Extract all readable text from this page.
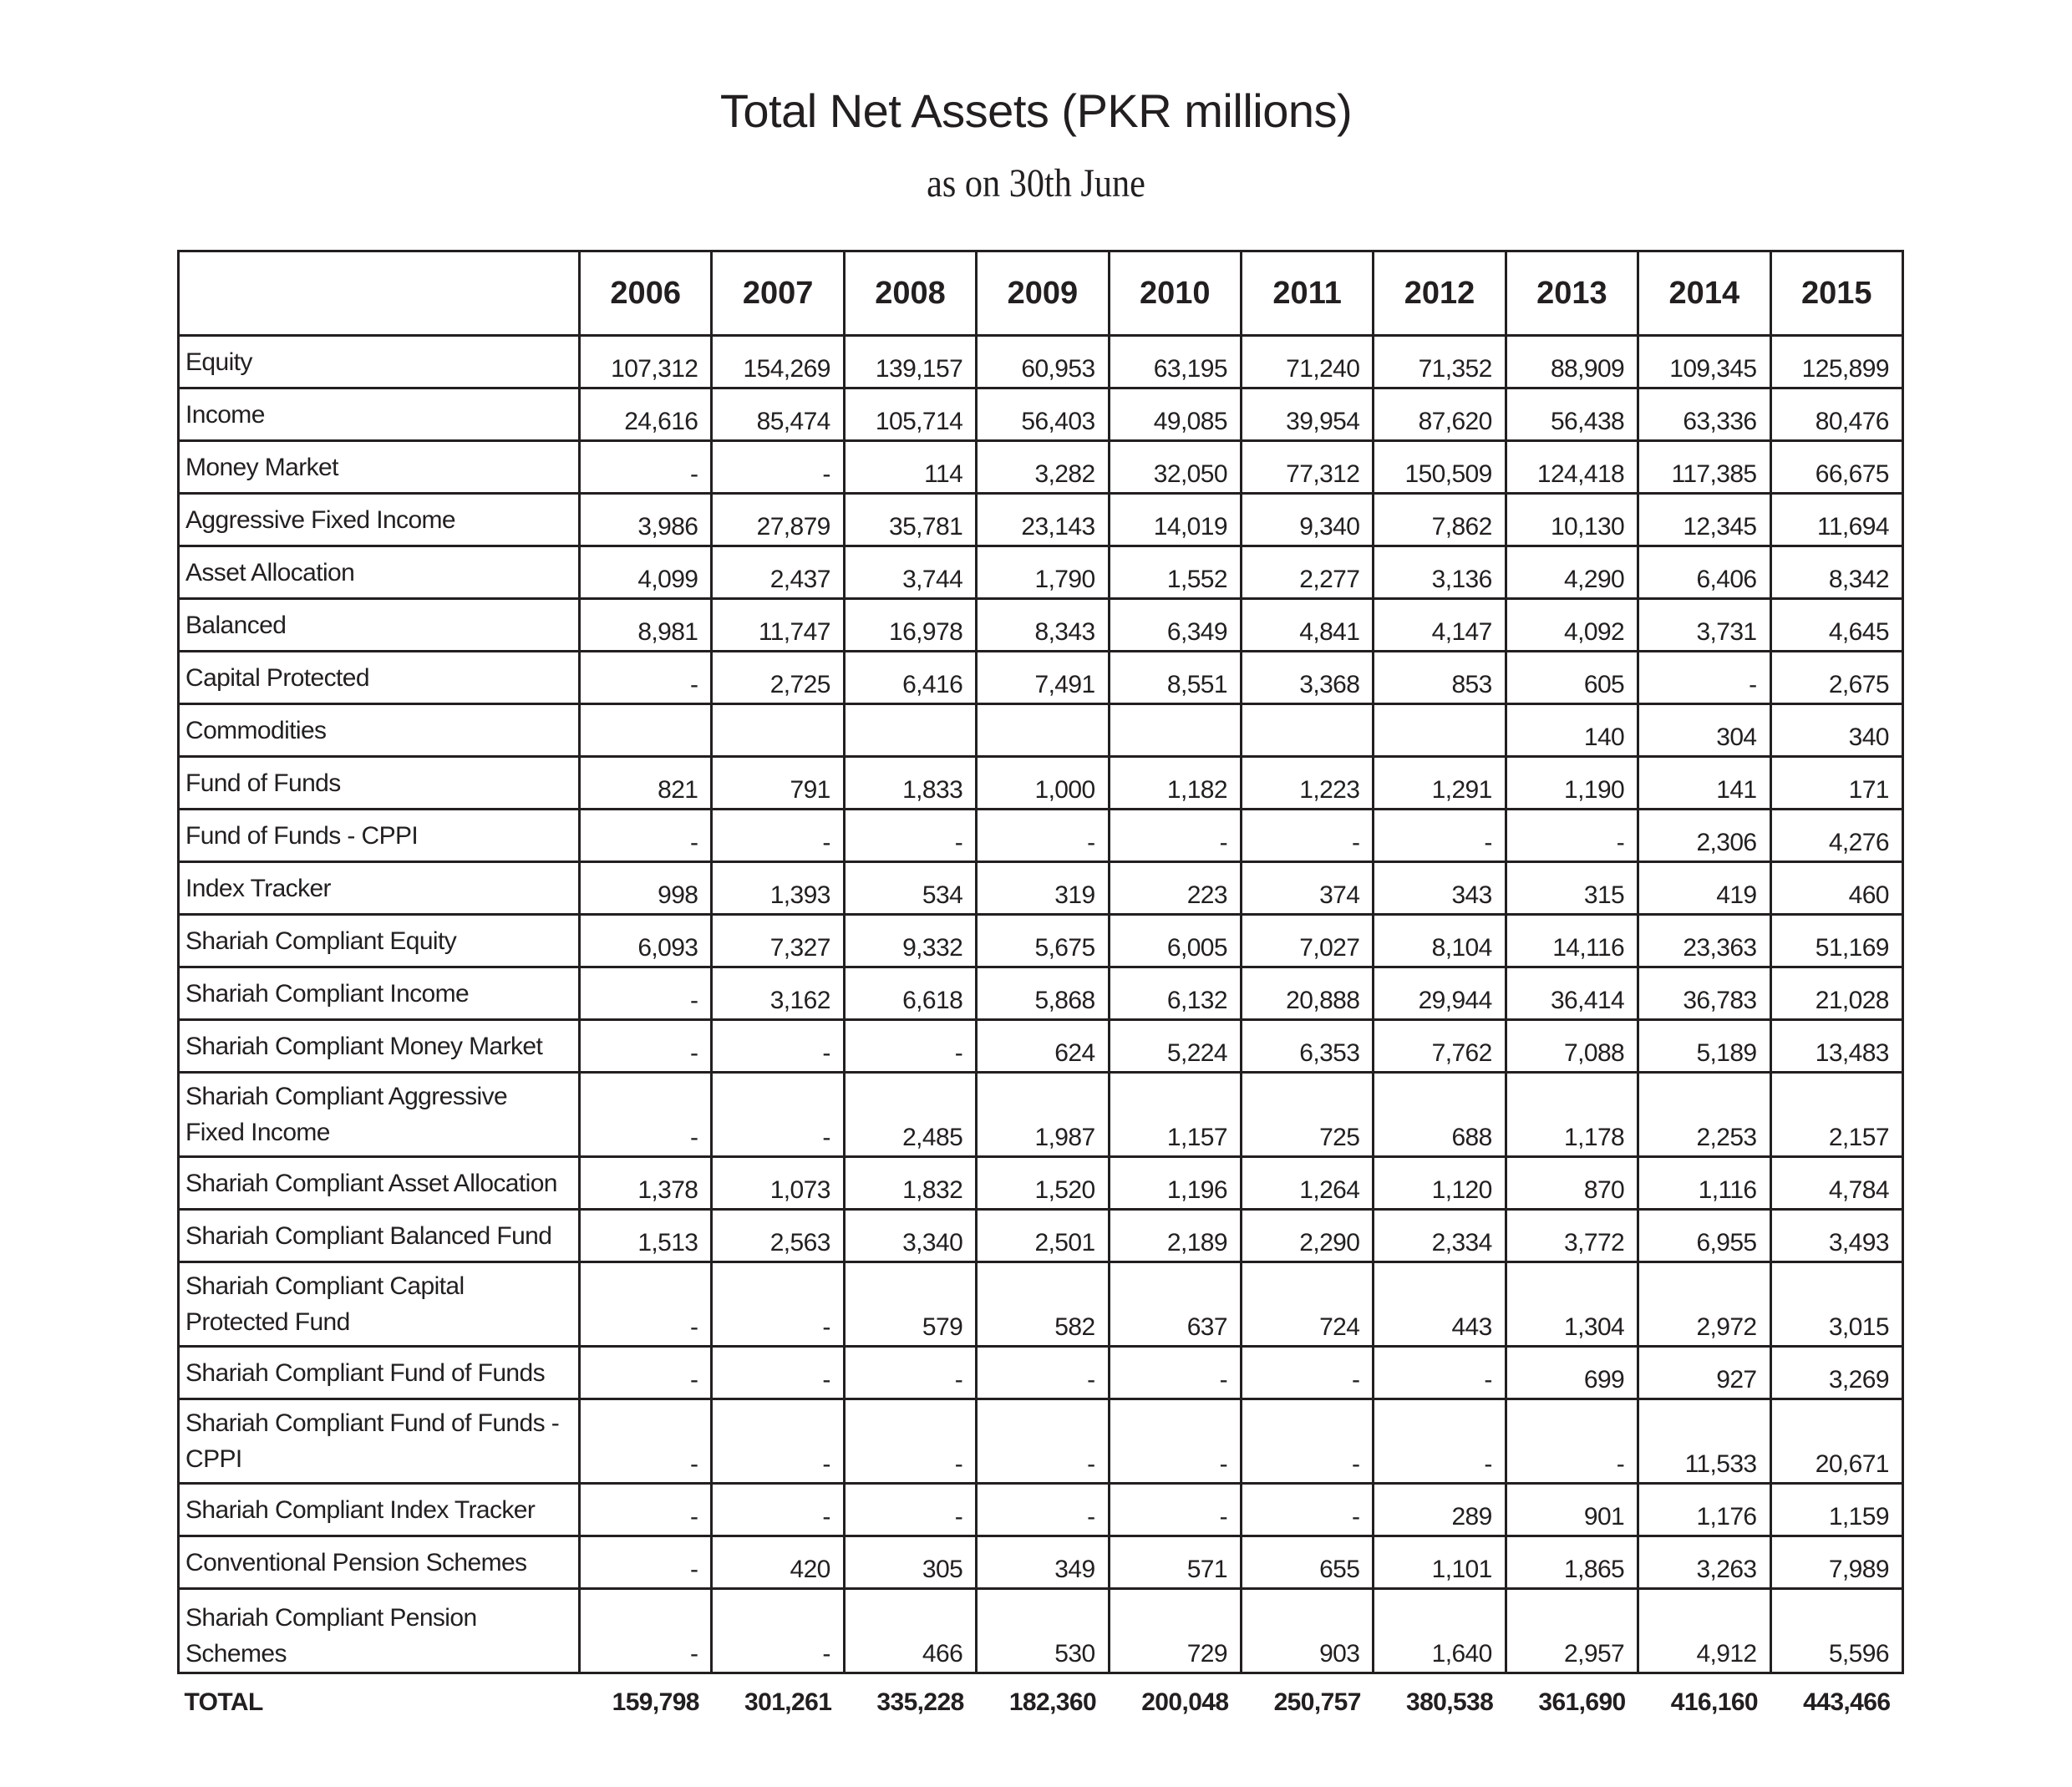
Total Net Assets (PKR millions)
as on 30th June
	2006	2007	2008	2009	2010	2011	2012	2013	2014	2015
Equity	107,312	154,269	139,157	60,953	63,195	71,240	71,352	88,909	109,345	125,899
Income	24,616	85,474	105,714	56,403	49,085	39,954	87,620	56,438	63,336	80,476
Money Market	-	-	114	3,282	32,050	77,312	150,509	124,418	117,385	66,675
Aggressive Fixed Income	3,986	27,879	35,781	23,143	14,019	9,340	7,862	10,130	12,345	11,694
Asset Allocation	4,099	2,437	3,744	1,790	1,552	2,277	3,136	4,290	6,406	8,342
Balanced	8,981	11,747	16,978	8,343	6,349	4,841	4,147	4,092	3,731	4,645
Capital Protected	-	2,725	6,416	7,491	8,551	3,368	853	605	-	2,675
Commodities								140	304	340
Fund of Funds	821	791	1,833	1,000	1,182	1,223	1,291	1,190	141	171
Fund of Funds - CPPI	-	-	-	-	-	-	-	-	2,306	4,276
Index Tracker	998	1,393	534	319	223	374	343	315	419	460
Shariah Compliant Equity	6,093	7,327	9,332	5,675	6,005	7,027	8,104	14,116	23,363	51,169
Shariah Compliant Income	-	3,162	6,618	5,868	6,132	20,888	29,944	36,414	36,783	21,028
Shariah Compliant Money Market	-	-	-	624	5,224	6,353	7,762	7,088	5,189	13,483
Shariah Compliant Aggressive Fixed Income	-	-	2,485	1,987	1,157	725	688	1,178	2,253	2,157
Shariah Compliant Asset Allocation	1,378	1,073	1,832	1,520	1,196	1,264	1,120	870	1,116	4,784
Shariah Compliant Balanced Fund	1,513	2,563	3,340	2,501	2,189	2,290	2,334	3,772	6,955	3,493
Shariah Compliant Capital Protected Fund	-	-	579	582	637	724	443	1,304	2,972	3,015
Shariah Compliant Fund of Funds	-	-	-	-	-	-	-	699	927	3,269
Shariah Compliant Fund of Funds - CPPI	-	-	-	-	-	-	-	-	11,533	20,671
Shariah Compliant Index Tracker	-	-	-	-	-	-	289	901	1,176	1,159
Conventional Pension Schemes	-	420	305	349	571	655	1,101	1,865	3,263	7,989
Shariah Compliant Pension Schemes	-	-	466	530	729	903	1,640	2,957	4,912	5,596
TOTAL	159,798	301,261	335,228	182,360	200,048	250,757	380,538	361,690	416,160	443,466
